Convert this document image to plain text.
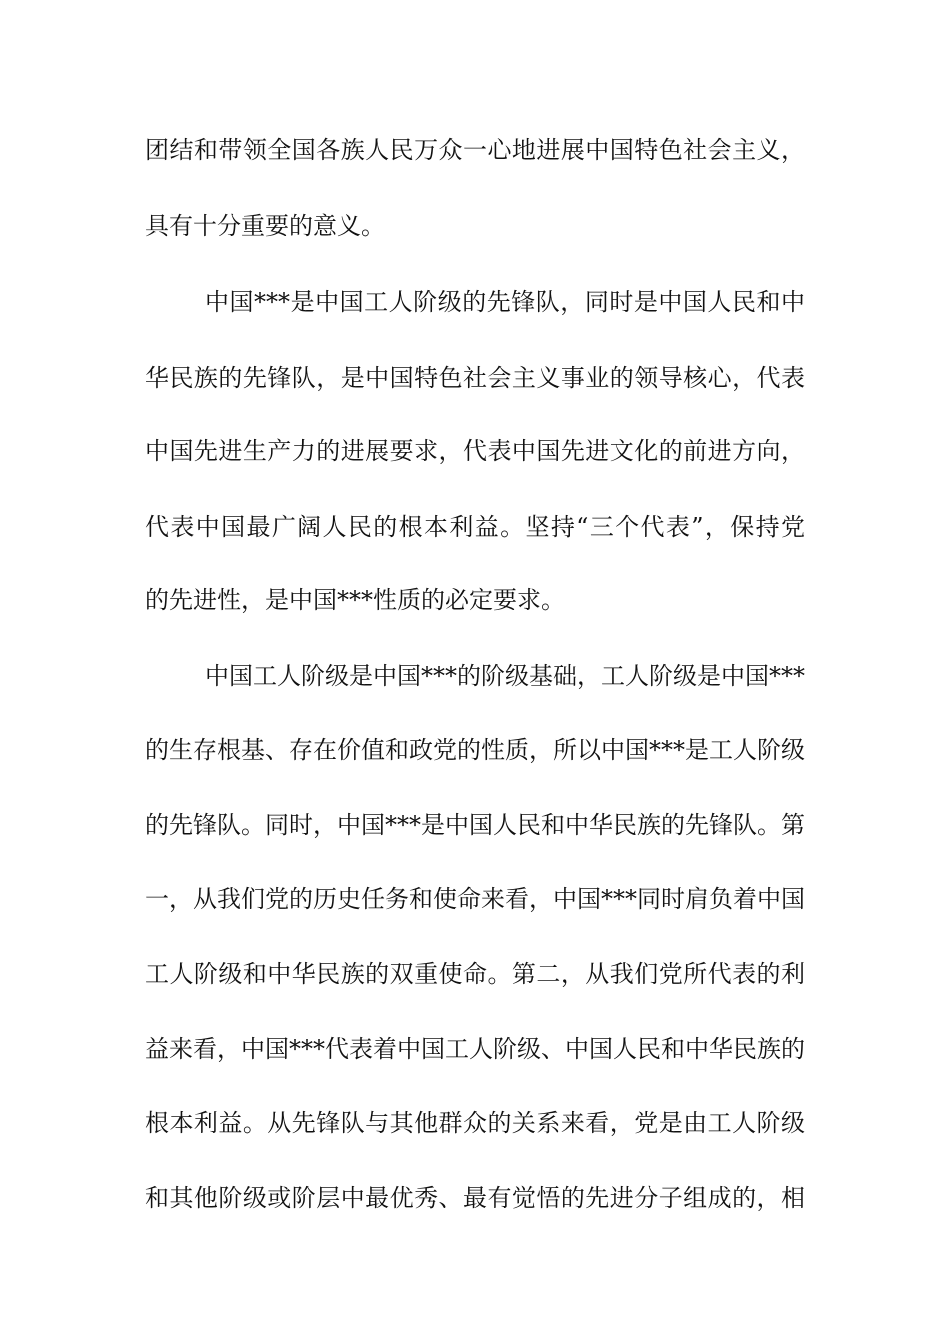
团结和带领全国各族人民万众一心地进展中国特色社会主义，
具有十分重要的意义。
中国***是中国工人阶级的先锋队，同时是中国人民和中
华民族的先锋队，是中国特色社会主义事业的领导核心，代表
中国先进生产力的进展要求，代表中国先进文化的前进方向，
代表中国最广阔人民的根本利益。坚持“三个代表”，保持党
的先进性，是中国***性质的必定要求。
中国工人阶级是中国***的阶级基础，工人阶级是中国***
的生存根基、存在价值和政党的性质，所以中国***是工人阶级
的先锋队。同时，中国***是中国人民和中华民族的先锋队。第
一，从我们党的历史任务和使命来看，中国***同时肩负着中国
工人阶级和中华民族的双重使命。第二，从我们党所代表的利
益来看，中国***代表着中国工人阶级、中国人民和中华民族的
根本利益。从先锋队与其他群众的关系来看，党是由工人阶级
和其他阶级或阶层中最优秀、最有觉悟的先进分子组成的，相
